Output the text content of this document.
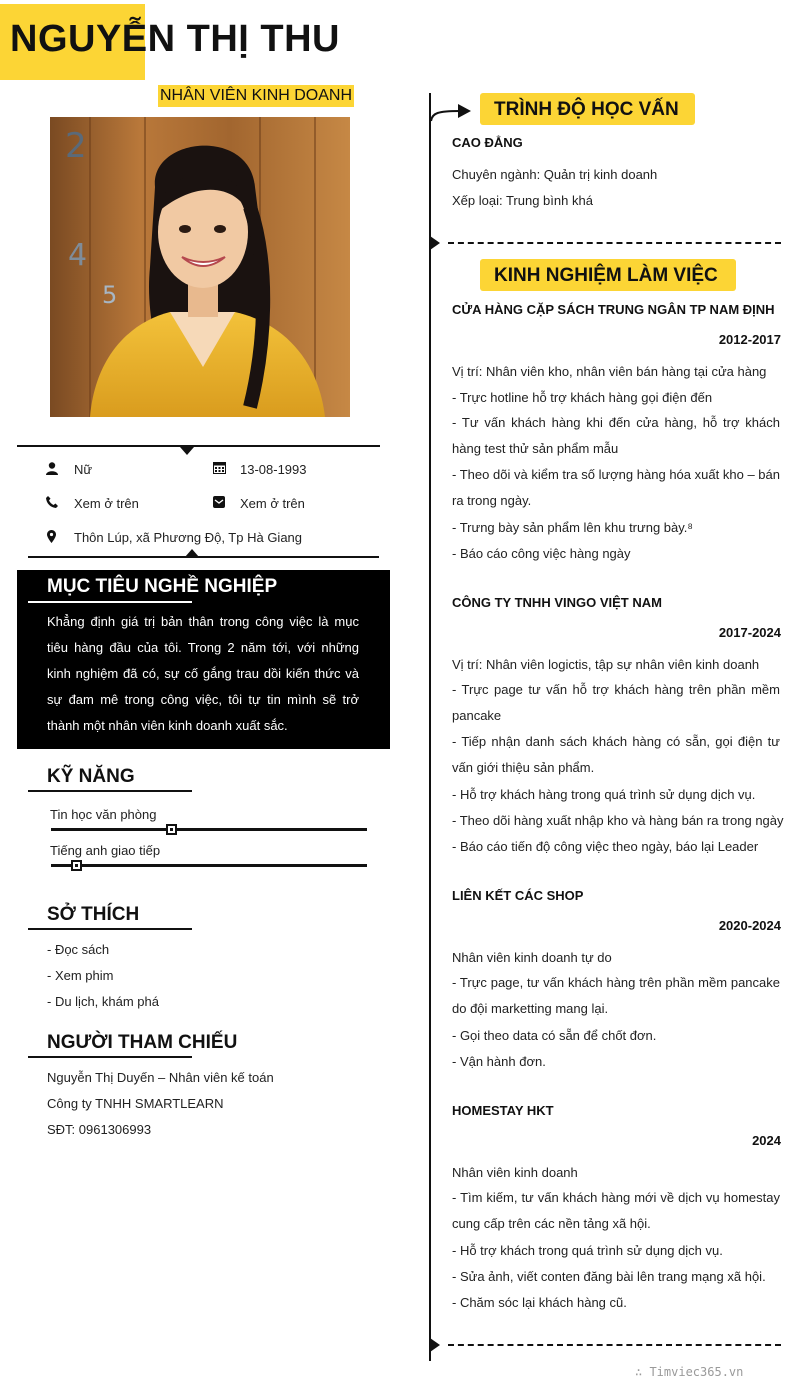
NGUYỄN THỊ THU
NHÂN VIÊN KINH DOANH
2
4
5
Nữ	13-08-1993
Xem ở trên	Xem ở trên
Thôn Lúp, xã Phương Độ, Tp Hà Giang
MỤC TIÊU NGHỀ NGHIỆP
Khẳng định giá trị bản thân trong công việc là mục tiêu hàng đầu của tôi. Trong 2 năm tới, với những kinh nghiệm đã có, sự cố gắng trau dồi kiến thức và sự đam mê trong công việc, tôi tự tin mình sẽ trở thành một nhân viên kinh doanh xuất sắc.
KỸ NĂNG
Tin học văn phòng
Tiếng anh giao tiếp
SỞ THÍCH
- Đọc sách
- Xem phim
- Du lịch, khám phá
NGƯỜI THAM CHIẾU
Nguyễn Thị Duyến – Nhân viên kế toán
Công ty TNHH SMARTLEARN
SĐT: 0961306993
TRÌNH ĐỘ HỌC VẤN
CAO ĐẲNG
Chuyên ngành: Quản trị kinh doanh
Xếp loại: Trung bình khá
KINH NGHIỆM LÀM VIỆC
CỬA HÀNG CẶP SÁCH TRUNG NGÂN TP NAM ĐỊNH
2012-2017
Vị trí: Nhân viên kho, nhân viên bán hàng tại cửa hàng
- Trực hotline hỗ trợ khách hàng gọi điện đến
- Tư vấn khách hàng khi đến cửa hàng, hỗ trợ khách hàng test thử sản phẩm mẫu
- Theo dõi và kiểm tra số lượng hàng hóa xuất kho – bán ra trong ngày.
- Trưng bày sản phẩm lên khu trưng bày.⁸
- Báo cáo công việc hàng ngày
CÔNG TY TNHH VINGO VIỆT NAM
2017-2024
Vị trí: Nhân viên logictis, tập sự nhân viên kinh doanh
- Trực page tư vấn hỗ trợ khách hàng trên phần mềm pancake
- Tiếp nhận danh sách khách hàng có sẵn, gọi điện tư vấn giới thiệu sản phẩm.
- Hỗ trợ khách hàng trong quá trình sử dụng dịch vụ.
- Theo dõi hàng xuất nhập kho và hàng bán ra trong ngày
- Báo cáo tiến độ công việc theo ngày, báo lại Leader
LIÊN KẾT CÁC SHOP
2020-2024
Nhân viên kinh doanh tự do
- Trực page, tư vấn khách hàng trên phần mềm pancake do đội marketting mang lại.
- Gọi theo data có sẵn để chốt đơn.
- Vận hành đơn.
HOMESTAY HKT
2024
Nhân viên kinh doanh
- Tìm kiếm, tư vấn khách hàng mới về dịch vụ homestay cung cấp trên các nền tảng xã hội.
- Hỗ trợ khách trong quá trình sử dụng dịch vụ.
- Sửa ảnh, viết conten đăng bài lên trang mạng xã hội.
- Chăm sóc lại khách hàng cũ.
∴ Timviec365.vn
